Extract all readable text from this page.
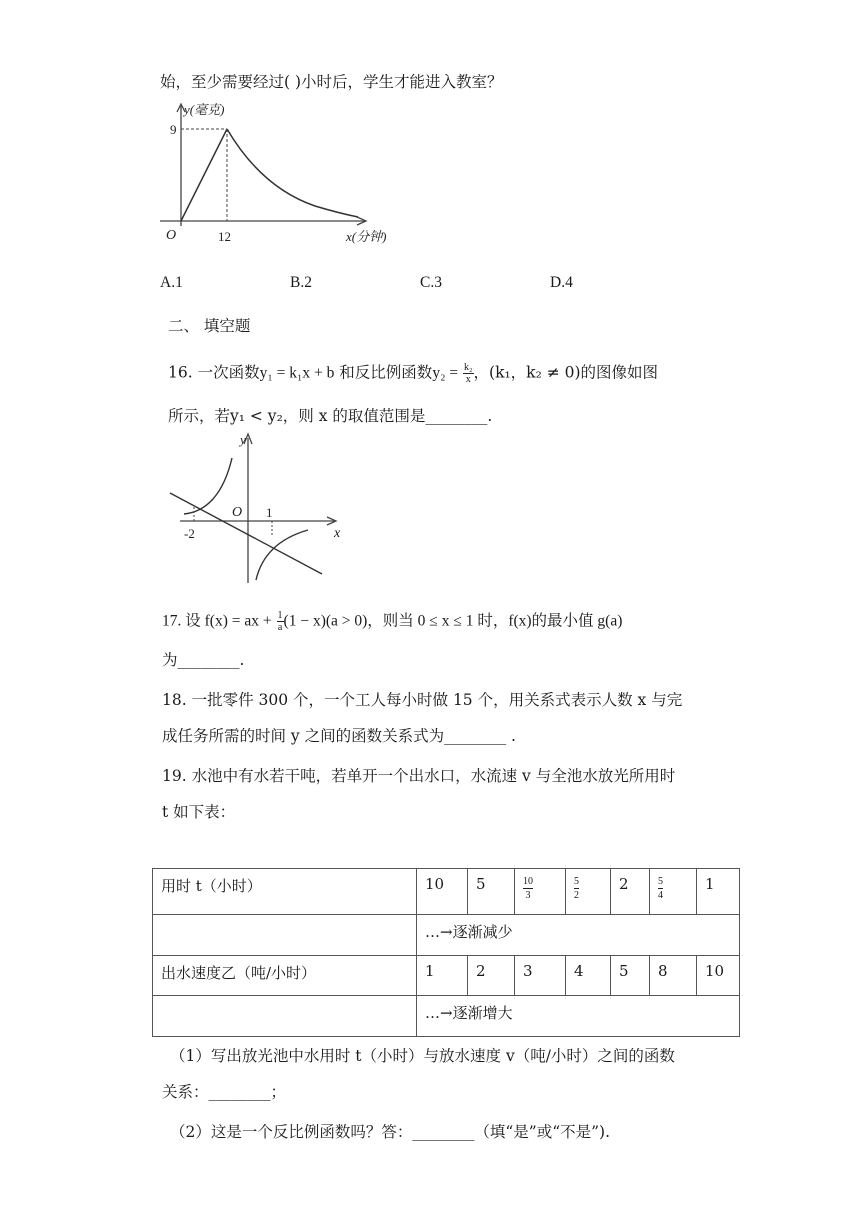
始，至少需要经过( )小时后，学生才能进入教室？
y(毫克)
9
O	12	x(分钟)
A.1	B.2	C.3	D.4
二、 填空题
16. 一次函数y₁ = k₁x + b 和反比例函数$y_2 = \frac{\text{k₂}}{x}$ ，(k₁，k₂ ≠ 0)的图像如图
所示，若y₁ < y₂，则 x 的取值范围是________.
y
O
-2
1
x
17. 设 f(x) = ax + $\frac{1}{a} (1 - x)(a > 0)$，则当 0 ≤ x ≤ 1 时，f(x)的最小值 g(a)
为________.
18. 一批零件 300 个，一个工人每小时做 15 个，用关系式表示人数 x 与完
成任务所需的时间 y 之间的函数关系式为________ .
19. 水池中有水若干吨，若单开一个出水口，水流速 v 与全池水放光所用时
t 如下表：
用时 t（小时）	10	5	$\frac{10}{3}$	$\frac{5}{2}$	2	$\frac{5}{4}$	1
	…→逐渐减少						
出水速度乙（吨/小时）	1	2	3	4	5	8	10
	…→逐渐增大						
（1）写出放光池中水用时 t（小时）与放水速度 v（吨/小时）之间的函数
关系：________；
（2）这是一个反比例函数吗？答：________（填“是”或“不是”).
